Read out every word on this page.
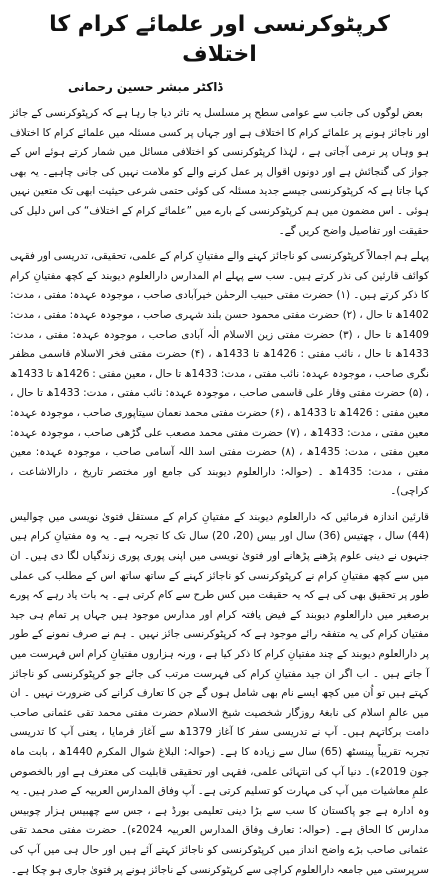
کرپٹوکرنسی اور علمائے کرام کا اختلاف
ڈاکٹر مبشر حسین رحمانی

بعض لوگوں کی جانب سے عوامی سطح پر مسلسل یہ تاثر دیا جا رہا ہے کہ کرپٹوکرنسی کے جائز اور ناجائز ہونے پر علمائے کرام کا اختلاف ہے اور جہاں پر کسی مسئلہ میں علمائے کرام کا اختلاف ہو وہاں پر نرمی آجاتی ہے ، لہٰذا کرپٹوکرنسی کو اختلافی مسائل میں شمار کرتے ہوئے اس کے جواز کی گنجائش ہے اور دونوں اقوال پر عمل کرنے والے کو ملامت نہیں کی جانی چاہیے۔ یہ بھی کہا جاتا ہے کہ کرپٹوکرنسی جیسے جدید مسئلہ کی کوئی حتمی شرعی حیثیت ابھی تک متعین نہیں ہوئی ۔ اس مضمون میں ہم کرپٹوکرنسی کے بارے میں ”علمائے کرام کے اختلاف“ کی اس دلیل کی حقیقت اور تفاصیل واضح کریں گے۔

پہلے ہم اجمالاً کرپٹوکرنسی کو ناجائز کہنے والے مفتیانِ کرام کے علمی، تحقیقی، تدریسی اور فقہی کوائف قارئین کی نذر کرتے ہیں۔ سب سے پہلے ام المدارس دارالعلوم دیوبند کے کچھ مفتیانِ کرام کا ذکر کرتے ہیں۔ (۱) حضرت مفتی حبیب الرحمٰن خیرآبادی صاحب ، موجودہ عہدہ: مفتی ، مدت: 1402ھ تا حال ، (۲) حضرت مفتی محمود حسن بلند شہری صاحب ، موجودہ عہدہ: مفتی ، مدت: 1409ھ تا حال ، (۳) حضرت مفتی زین الاسلام الٰہ آبادی صاحب ، موجودہ عہدہ: مفتی ، مدت: 1433ھ تا حال ، نائب مفتی : 1426ھ تا 1433ھ ، (۴) حضرت مفتی فخر الاسلام قاسمی مظفر نگری صاحب ، موجودہ عہدہ: نائب مفتی ، مدت: 1433ھ تا حال ، معین مفتی : 1426ھ تا 1433ھ ، (۵) حضرت مفتی وقار علی قاسمی صاحب ، موجودہ عہدہ: نائب مفتی ، مدت: 1433ھ تا حال ، معین مفتی : 1426ھ تا 1433ھ ، (۶) حضرت مفتی محمد نعمان سیتاپوری صاحب ، موجودہ عہدہ: معین مفتی ، مدت: 1433ھ ، (۷) حضرت مفتی محمد مصعب علی گڑھی صاحب ، موجودہ عہدہ: معین مفتی ، مدت: 1435ھ ، (۸) حضرت مفتی اسد اللہ آسامی صاحب ، موجودہ عہدہ: معین مفتی ، مدت: 1435ھ ۔ (حوالہ: دارالعلوم دیوبند کی جامع اور مختصر تاریخ ، دارالاشاعت ، کراچی)۔

قارئین اندازہ فرمائیں کہ دارالعلوم دیوبند کے مفتیانِ کرام کے مستقل فتویٰ نویسی میں چوالیس (44) سال ، چھتیس (36) سال اور بیس (20، 20) سال تک کا تجربہ ہے۔ یہ وہ مفتیانِ کرام ہیں جنہوں نے دینی علوم پڑھنے پڑھانے اور فتویٰ نویسی میں اپنی پوری پوری زندگیاں لگا دی ہیں۔ ان میں سے کچھ مفتیانِ کرام نے کرپٹوکرنسی کو ناجائز کہنے کے ساتھ ساتھ اس کے مطلب کی عملی طور پر تحقیق بھی کی ہے کہ یہ حقیقت میں کس طرح سے کام کرتی ہے۔ یہ بات یاد رہے کہ پورے برصغیر میں دارالعلوم دیوبند کے فیض یافتہ کرام اور مدارس موجود ہیں جہاں پر تمام ہی جید مفتیان کرام کی یہ متفقہ رائے موجود ہے کہ کرپٹوکرنسی جائز نہیں ۔ ہم نے صرف نمونے کے طور پر دارالعلوم دیوبند کے چند مفتیانِ کرام کا ذکر کیا ہے ، ورنہ ہزاروں مفتیانِ کرام اس فہرست میں آ جاتے ہیں ۔ اب اگر ان جید مفتیانِ کرام کی فہرست مرتب کی جائے جو کرپٹوکرنسی کو ناجائز کہتے ہیں تو اُن میں کچھ ایسے نام بھی شامل ہوں گے جن کا تعارف کرانے کی ضرورت نہیں ۔ ان میں عالمِ اسلام کی نابغۂ روزگار شخصیت شیخ الاسلام حضرت مفتی محمد تقی عثمانی صاحب دامت برکاتہم ہیں۔ آپ نے تدریسی سفر کا آغاز 1379ھ سے آغاز فرمایا ، یعنی آپ کا تدریسی تجربہ تقریباً پینسٹھ (65) سال سے زیادہ کا ہے۔ (حوالہ: البلاغ شوال المکرم 1440ھ ، بابت ماہ جون 2019ء)۔ دنیا آپ کی انتہائی علمی، فقہی اور تحقیقی قابلیت کی معترف ہے اور بالخصوص علمِ معاشیات میں آپ کی مہارت کو تسلیم کرتی ہے۔ آپ وفاق المدارس العربیہ کے صدر ہیں۔ یہ وہ ادارہ ہے جو پاکستان کا سب سے بڑا دینی تعلیمی بورڈ ہے ، جس سے چھبیس ہزار چوبیس مدارس کا الحاق ہے۔ (حوالہ: تعارف وفاق المدارس العربیہ 2024ء)۔ حضرت مفتی محمد تقی عثمانی صاحب بڑے واضح انداز میں کرپٹوکرنسی کو ناجائز کہتے آئے ہیں اور حال ہی میں آپ کی سرپرستی میں جامعہ دارالعلوم کراچی سے کرپٹوکرنسی کے ناجائز ہونے پر فتویٰ جاری ہو چکا ہے۔
